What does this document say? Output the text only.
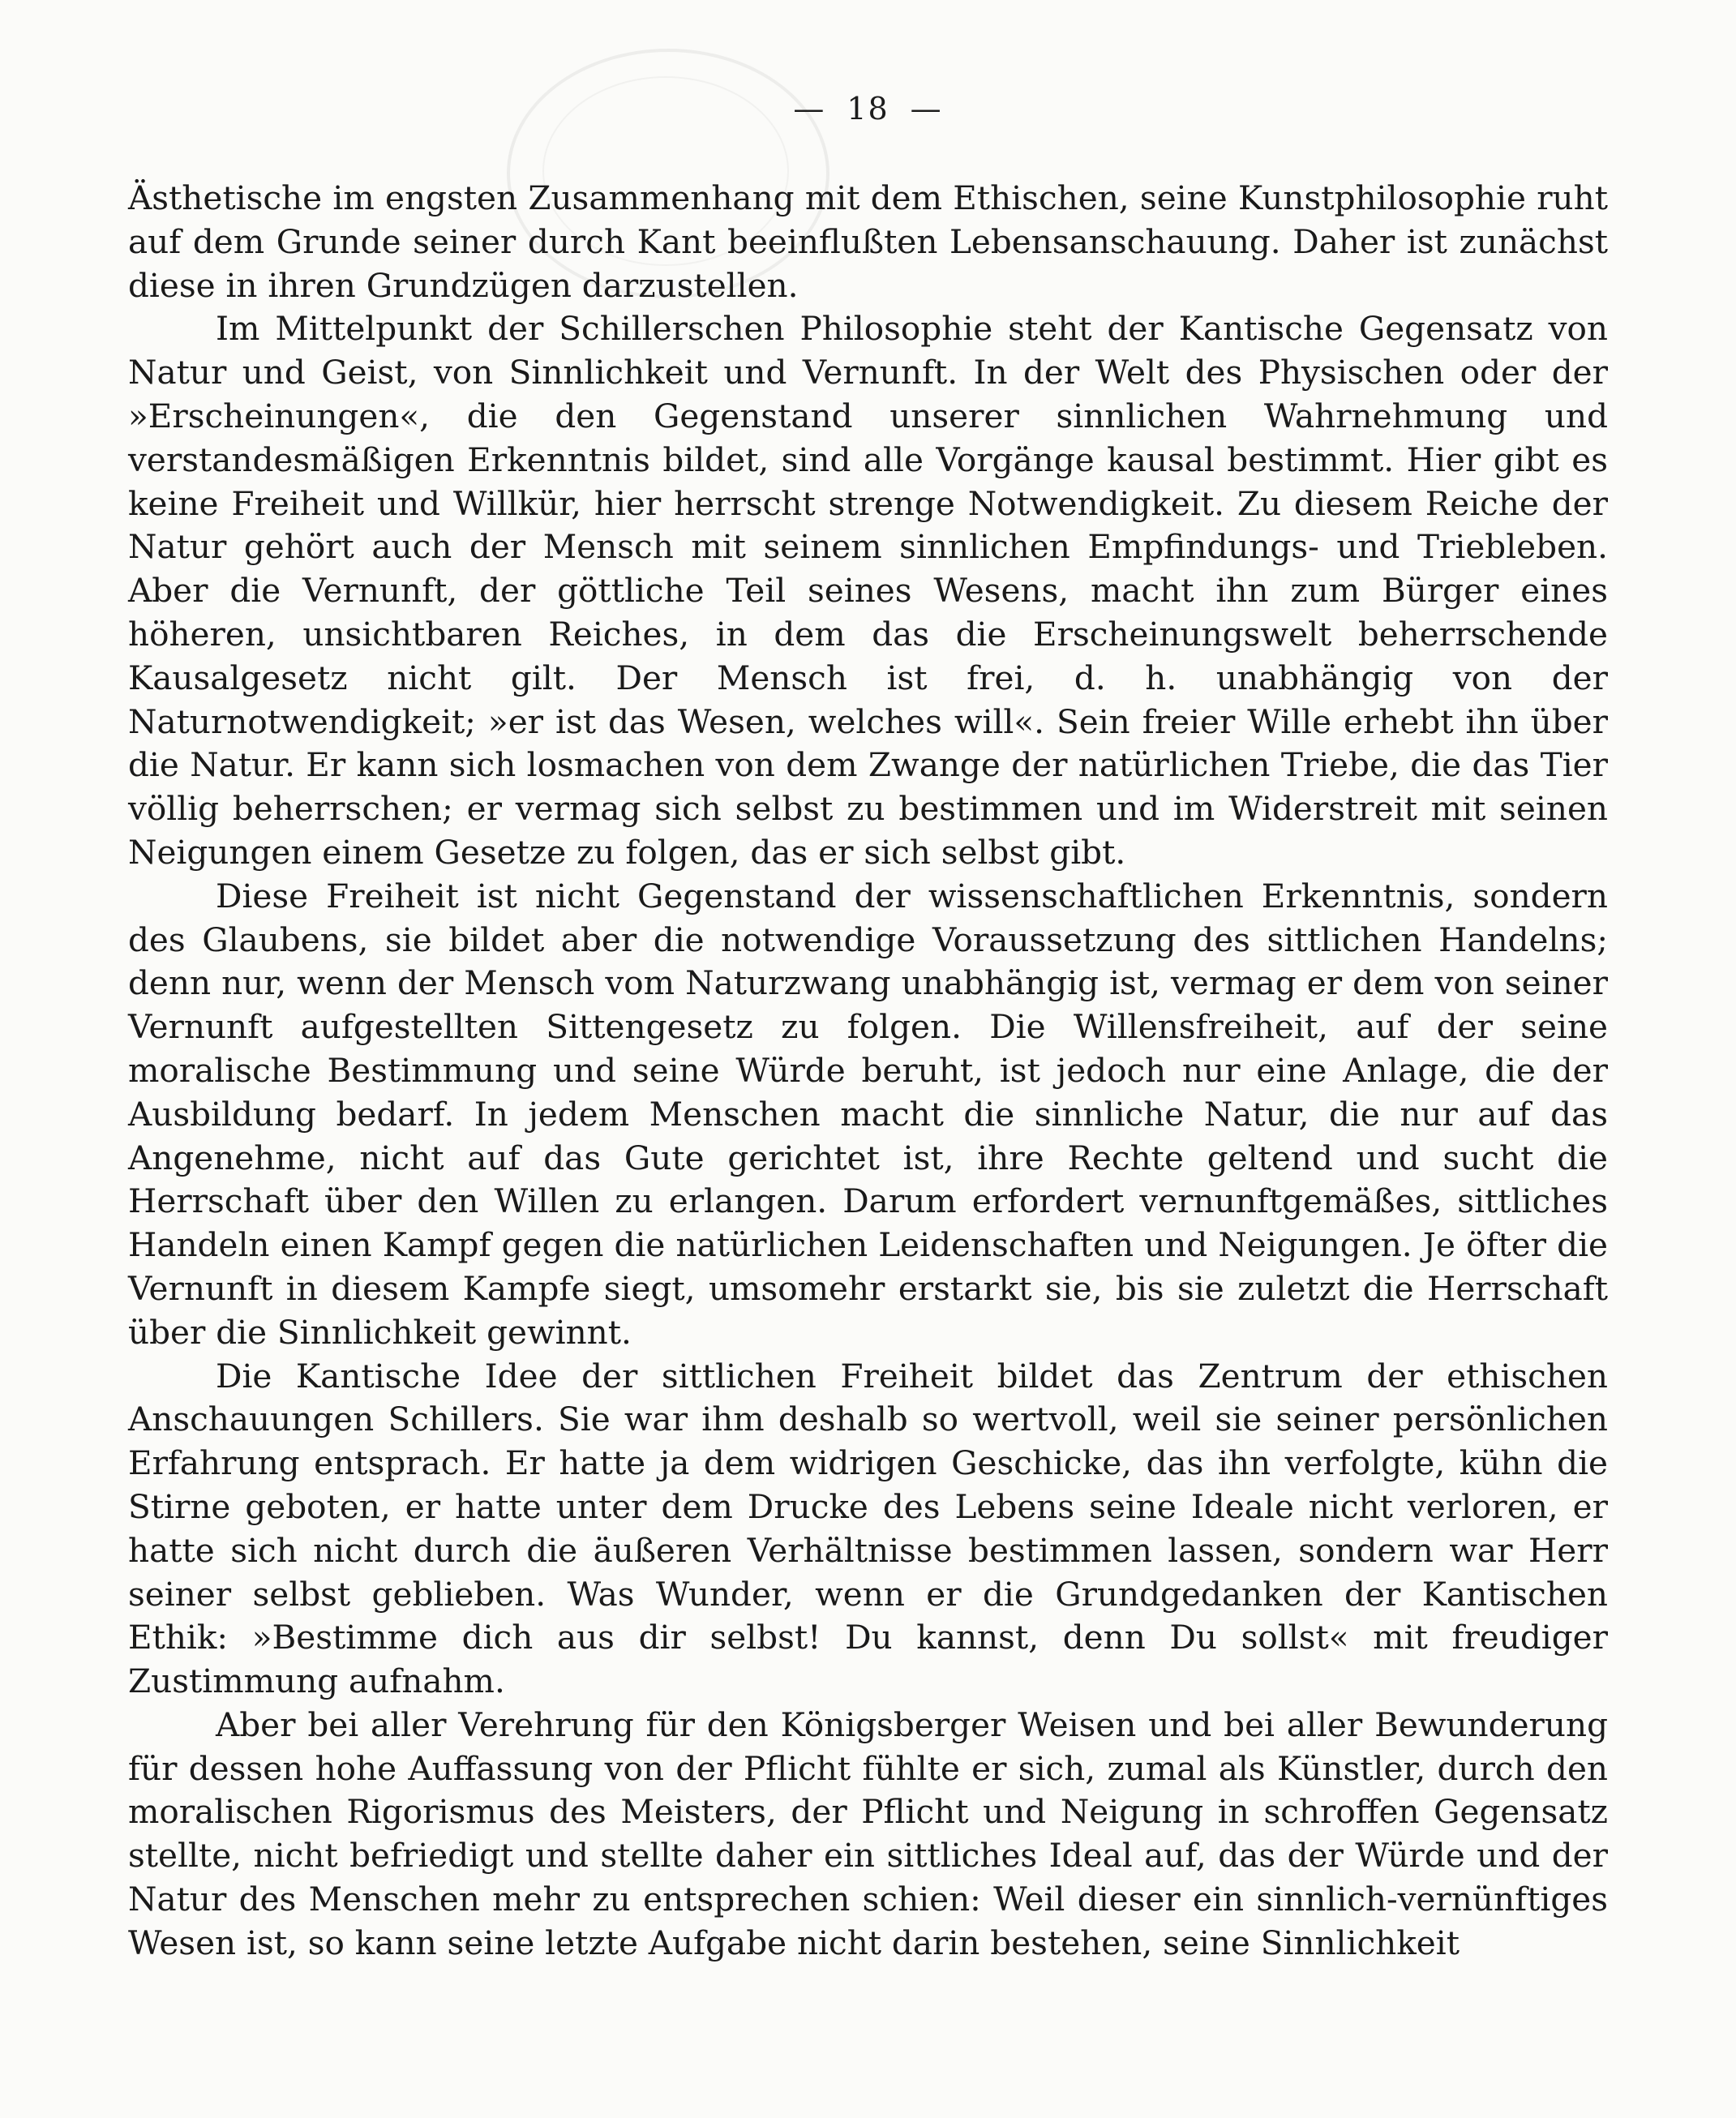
— 18 —

Ästhetische im engsten Zusammenhang mit dem Ethischen, seine Kunstphilosophie ruht auf dem Grunde seiner durch Kant beeinflußten Lebensanschauung. Daher ist zunächst diese in ihren Grundzügen darzustellen.

Im Mittelpunkt der Schillerschen Philosophie steht der Kantische Gegensatz von Natur und Geist, von Sinnlichkeit und Vernunft. In der Welt des Physischen oder der »Erscheinungen«, die den Gegenstand unserer sinnlichen Wahrnehmung und verstandesmäßigen Erkenntnis bildet, sind alle Vorgänge kausal bestimmt. Hier gibt es keine Freiheit und Willkür, hier herrscht strenge Notwendigkeit. Zu diesem Reiche der Natur gehört auch der Mensch mit seinem sinnlichen Empfindungs- und Triebleben. Aber die Vernunft, der göttliche Teil seines Wesens, macht ihn zum Bürger eines höheren, unsichtbaren Reiches, in dem das die Erscheinungswelt beherrschende Kausalgesetz nicht gilt. Der Mensch ist frei, d. h. unabhängig von der Naturnotwendigkeit; »er ist das Wesen, welches will«. Sein freier Wille erhebt ihn über die Natur. Er kann sich losmachen von dem Zwange der natürlichen Triebe, die das Tier völlig beherrschen; er vermag sich selbst zu bestimmen und im Widerstreit mit seinen Neigungen einem Gesetze zu folgen, das er sich selbst gibt.

Diese Freiheit ist nicht Gegenstand der wissenschaftlichen Erkenntnis, sondern des Glaubens, sie bildet aber die notwendige Voraussetzung des sittlichen Handelns; denn nur, wenn der Mensch vom Naturzwang unabhängig ist, vermag er dem von seiner Vernunft aufgestellten Sittengesetz zu folgen. Die Willensfreiheit, auf der seine moralische Bestimmung und seine Würde beruht, ist jedoch nur eine Anlage, die der Ausbildung bedarf. In jedem Menschen macht die sinnliche Natur, die nur auf das Angenehme, nicht auf das Gute gerichtet ist, ihre Rechte geltend und sucht die Herrschaft über den Willen zu erlangen. Darum erfordert vernunftgemäßes, sittliches Handeln einen Kampf gegen die natürlichen Leidenschaften und Neigungen. Je öfter die Vernunft in diesem Kampfe siegt, umsomehr erstarkt sie, bis sie zuletzt die Herrschaft über die Sinnlichkeit gewinnt.

Die Kantische Idee der sittlichen Freiheit bildet das Zentrum der ethischen Anschauungen Schillers. Sie war ihm deshalb so wertvoll, weil sie seiner persönlichen Erfahrung entsprach. Er hatte ja dem widrigen Geschicke, das ihn verfolgte, kühn die Stirne geboten, er hatte unter dem Drucke des Lebens seine Ideale nicht verloren, er hatte sich nicht durch die äußeren Verhältnisse bestimmen lassen, sondern war Herr seiner selbst geblieben. Was Wunder, wenn er die Grundgedanken der Kantischen Ethik: »Bestimme dich aus dir selbst! Du kannst, denn Du sollst« mit freudiger Zustimmung aufnahm.

Aber bei aller Verehrung für den Königsberger Weisen und bei aller Bewunderung für dessen hohe Auffassung von der Pflicht fühlte er sich, zumal als Künstler, durch den moralischen Rigorismus des Meisters, der Pflicht und Neigung in schroffen Gegensatz stellte, nicht befriedigt und stellte daher ein sittliches Ideal auf, das der Würde und der Natur des Menschen mehr zu entsprechen schien: Weil dieser ein sinnlich-vernünftiges Wesen ist, so kann seine letzte Aufgabe nicht darin bestehen, seine Sinnlichkeit
